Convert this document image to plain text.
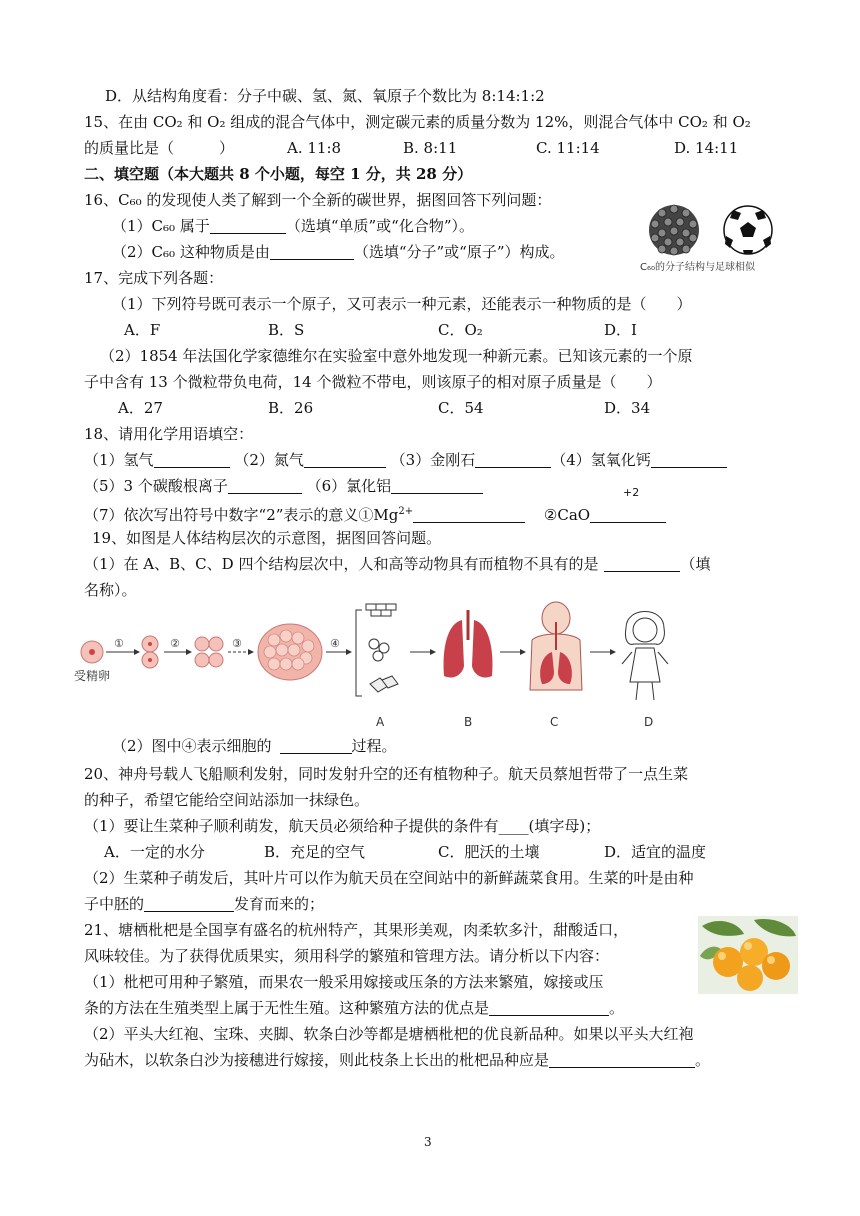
D．从结构角度看：分子中碳、氢、氮、氧原子个数比为 8:14:1:2
15、在由 CO₂ 和 O₂ 组成的混合气体中，测定碳元素的质量分数为 12%，则混合气体中 CO₂ 和 O₂
的质量比是（　　　）	A. 11:8	B. 8:11	C. 11:14	D. 14:11
二、填空题（本大题共 8 个小题，每空 1 分，共 28 分）
16、C₆₀ 的发现使人类了解到一个全新的碳世界，据图回答下列问题：
（1）C₆₀ 属于	（选填“单质”或“化合物”）。
（2）C₆₀ 这种物质是由	（选填“分子”或“原子”）构成。
C₆₀的分子结构与足球相似
17、完成下列各题：
（1）下列符号既可表示一个原子，又可表示一种元素，还能表示一种物质的是（　　）
A．F	B．S	C．O₂	D．I
（2）1854 年法国化学家德维尔在实验室中意外地发现一种新元素。已知该元素的一个原
子中含有 13 个微粒带负电荷，14 个微粒不带电，则该原子的相对原子质量是（　　）
A．27	B．26	C．54	D．34
18、请用化学用语填空：
（1）氢气	（2）氮气	（3）金刚石	（4）氢氧化钙
（5）3 个碳酸根离子	（6）氯化铝	+2
（7）依次写出符号中数字“2”表示的意义$①Mg^{2+}$	②CaO
19、如图是人体结构层次的示意图，据图回答问题。
（1）在 A、B、C、D 四个结构层次中，人和高等动物具有而植物不具有的是	（填
名称）。
受精卵
①	②	③	④
A	B	C	D
（2）图中④表示细胞的	过程。
20、神舟号载人飞船顺利发射，同时发射升空的还有植物种子。航天员蔡旭哲带了一点生菜
的种子，希望它能给空间站添加一抹绿色。
（1）要让生菜种子顺利萌发，航天员必须给种子提供的条件有____(填字母)；
A．一定的水分	B．充足的空气	C．肥沃的土壤	D．适宜的温度
（2）生菜种子萌发后，其叶片可以作为航天员在空间站中的新鲜蔬菜食用。生菜的叶是由种
子中胚的	发育而来的；
21、塘栖枇杷是全国享有盛名的杭州特产，其果形美观，肉柔软多汁，甜酸适口，
风味较佳。为了获得优质果实，须用科学的繁殖和管理方法。请分析以下内容：
（1）枇杷可用种子繁殖，而果农一般采用嫁接或压条的方法来繁殖，嫁接或压
条的方法在生殖类型上属于无性生殖。这种繁殖方法的优点是	。
（2）平头大红袍、宝珠、夹脚、软条白沙等都是塘栖枇杷的优良新品种。如果以平头大红袍
为砧木，以软条白沙为接穗进行嫁接，则此枝条上长出的枇杷品种应是	。
3
